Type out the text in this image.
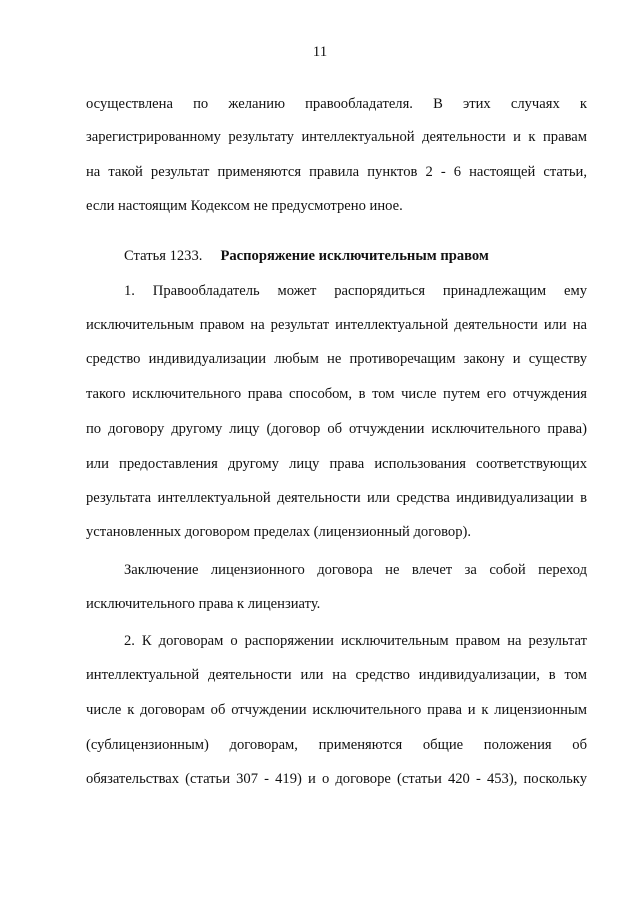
11
осуществлена по желанию правообладателя. В этих случаях к
зарегистрированному результату интеллектуальной деятельности и к правам
на такой результат применяются правила пунктов 2 - 6 настоящей статьи,
если настоящим Кодексом не предусмотрено иное.
Статья 1233. Распоряжение исключительным правом
1. Правообладатель может распорядиться принадлежащим ему
исключительным правом на результат интеллектуальной деятельности или на
средство индивидуализации любым не противоречащим закону и существу
такого исключительного права способом, в том числе путем его отчуждения
по договору другому лицу (договор об отчуждении исключительного права)
или предоставления другому лицу права использования соответствующих
результата интеллектуальной деятельности или средства индивидуализации в
установленных договором пределах (лицензионный договор).
Заключение лицензионного договора не влечет за собой переход
исключительного права к лицензиату.
2. К договорам о распоряжении исключительным правом на результат
интеллектуальной деятельности или на средство индивидуализации, в том
числе к договорам об отчуждении исключительного права и к лицензионным
(сублицензионным) договорам, применяются общие положения об
обязательствах (статьи 307 - 419) и о договоре (статьи 420 - 453), поскольку
